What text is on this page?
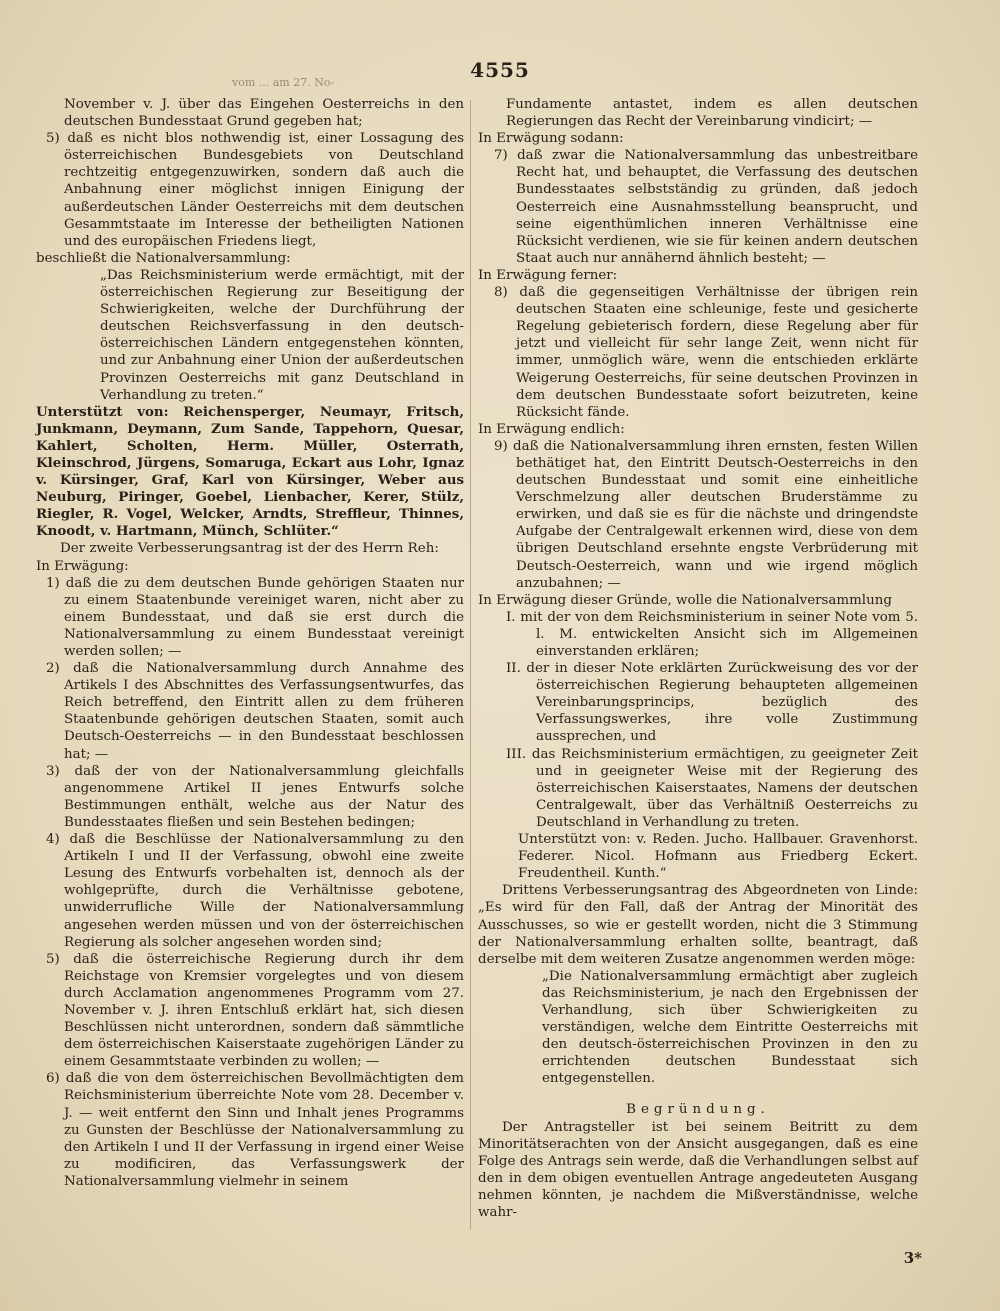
vom ... am 27. No-
4555

November v. J. über das Eingehen Oesterreichs in den deutschen Bundesstaat Grund gegeben hat;

5) daß es nicht blos nothwendig ist, einer Lossagung des österreichischen Bundesgebiets von Deutschland rechtzeitig entgegenzuwirken, sondern daß auch die Anbahnung einer möglichst innigen Einigung der außerdeutschen Länder Oesterreichs mit dem deutschen Gesammtstaate im Interesse der betheiligten Nationen und des europäischen Friedens liegt,

beschließt die Nationalversammlung:

„Das Reichsministerium werde ermächtigt, mit der österreichischen Regierung zur Beseitigung der Schwierigkeiten, welche der Durchführung der deutschen Reichsverfassung in den deutsch-österreichischen Ländern entgegenstehen könnten, und zur Anbahnung einer Union der außerdeutschen Provinzen Oesterreichs mit ganz Deutschland in Verhandlung zu treten.“

Unterstützt von: Reichensperger, Neumayr, Fritsch, Junkmann, Deymann, Zum Sande, Tappehorn, Quesar, Kahlert, Scholten, Herm. Müller, Osterrath, Kleinschrod, Jürgens, Somaruga, Eckart aus Lohr, Ignaz v. Kürsinger, Graf, Karl von Kürsinger, Weber aus Neuburg, Piringer, Goebel, Lienbacher, Kerer, Stülz, Riegler, R. Vogel, Welcker, Arndts, Streffleur, Thinnes, Knoodt, v. Hartmann, Münch, Schlüter.“

Der zweite Verbesserungsantrag ist der des Herrn Reh:

In Erwägung:

1) daß die zu dem deutschen Bunde gehörigen Staaten nur zu einem Staatenbunde vereiniget waren, nicht aber zu einem Bundesstaat, und daß sie erst durch die Nationalversammlung zu einem Bundesstaat vereinigt werden sollen; —

2) daß die Nationalversammlung durch Annahme des Artikels I des Abschnittes des Verfassungsentwurfes, das Reich betreffend, den Eintritt allen zu dem früheren Staatenbunde gehörigen deutschen Staaten, somit auch Deutsch-Oesterreichs — in den Bundesstaat beschlossen hat; —

3) daß der von der Nationalversammlung gleichfalls angenommene Artikel II jenes Entwurfs solche Bestimmungen enthält, welche aus der Natur des Bundesstaates fließen und sein Bestehen bedingen;

4) daß die Beschlüsse der Nationalversammlung zu den Artikeln I und II der Verfassung, obwohl eine zweite Lesung des Entwurfs vorbehalten ist, dennoch als der wohlgeprüfte, durch die Verhältnisse gebotene, unwiderrufliche Wille der Nationalversammlung angesehen werden müssen und von der österreichischen Regierung als solcher angesehen worden sind;

5) daß die österreichische Regierung durch ihr dem Reichstage von Kremsier vorgelegtes und von diesem durch Acclamation angenommenes Programm vom 27. November v. J. ihren Entschluß erklärt hat, sich diesen Beschlüssen nicht unterordnen, sondern daß sämmtliche dem österreichischen Kaiserstaate zugehörigen Länder zu einem Gesammtstaate verbinden zu wollen; —

6) daß die von dem österreichischen Bevollmächtigten dem Reichsministerium überreichte Note vom 28. December v. J. — weit entfernt den Sinn und Inhalt jenes Programms zu Gunsten der Beschlüsse der Nationalversammlung zu den Artikeln I und II der Verfassung in irgend einer Weise zu modificiren, das Verfassungswerk der Nationalversammlung vielmehr in seinem

Fundamente antastet, indem es allen deutschen Regierungen das Recht der Vereinbarung vindicirt; —

In Erwägung sodann:

7) daß zwar die Nationalversammlung das unbestreitbare Recht hat, und behauptet, die Verfassung des deutschen Bundesstaates selbstständig zu gründen, daß jedoch Oesterreich eine Ausnahmsstellung beansprucht, und seine eigenthümlichen inneren Verhältnisse eine Rücksicht verdienen, wie sie für keinen andern deutschen Staat auch nur annähernd ähnlich besteht; —

In Erwägung ferner:

8) daß die gegenseitigen Verhältnisse der übrigen rein deutschen Staaten eine schleunige, feste und gesicherte Regelung gebieterisch fordern, diese Regelung aber für jetzt und vielleicht für sehr lange Zeit, wenn nicht für immer, unmöglich wäre, wenn die entschieden erklärte Weigerung Oesterreichs, für seine deutschen Provinzen in dem deutschen Bundesstaate sofort beizutreten, keine Rücksicht fände.

In Erwägung endlich:

9) daß die Nationalversammlung ihren ernsten, festen Willen bethätiget hat, den Eintritt Deutsch-Oesterreichs in den deutschen Bundesstaat und somit eine einheitliche Verschmelzung aller deutschen Bruderstämme zu erwirken, und daß sie es für die nächste und dringendste Aufgabe der Centralgewalt erkennen wird, diese von dem übrigen Deutschland ersehnte engste Verbrüderung mit Deutsch-Oesterreich, wann und wie irgend möglich anzubahnen; —

In Erwägung dieser Gründe, wolle die Nationalversammlung

I. mit der von dem Reichsministerium in seiner Note vom 5. l. M. entwickelten Ansicht sich im Allgemeinen einverstanden erklären;

II. der in dieser Note erklärten Zurückweisung des vor der österreichischen Regierung behaupteten allgemeinen Vereinbarungsprincips, bezüglich des Verfassungswerkes, ihre volle Zustimmung aussprechen, und

III. das Reichsministerium ermächtigen, zu geeigneter Zeit und in geeigneter Weise mit der Regierung des österreichischen Kaiserstaates, Namens der deutschen Centralgewalt, über das Verhältniß Oesterreichs zu Deutschland in Verhandlung zu treten.

Unterstützt von: v. Reden. Jucho. Hallbauer. Gravenhorst. Federer. Nicol. Hofmann aus Friedberg Eckert. Freudentheil. Kunth.“

Drittens Verbesserungsantrag des Abgeordneten von Linde: „Es wird für den Fall, daß der Antrag der Minorität des Ausschusses, so wie er gestellt worden, nicht die 3 Stimmung der Nationalversammlung erhalten sollte, beantragt, daß derselbe mit dem weiteren Zusatze angenommen werden möge:

„Die Nationalversammlung ermächtigt aber zugleich das Reichsministerium, je nach den Ergebnissen der Verhandlung, sich über Schwierigkeiten zu verständigen, welche dem Eintritte Oesterreichs mit den deutsch-österreichischen Provinzen in den zu errichtenden deutschen Bundesstaat sich entgegenstellen.

Begründung.

Der Antragsteller ist bei seinem Beitritt zu dem Minoritätserachten von der Ansicht ausgegangen, daß es eine Folge des Antrags sein werde, daß die Verhandlungen selbst auf den in dem obigen eventuellen Antrage angedeuteten Ausgang nehmen könnten, je nachdem die Mißverständnisse, welche wahr-

3*
